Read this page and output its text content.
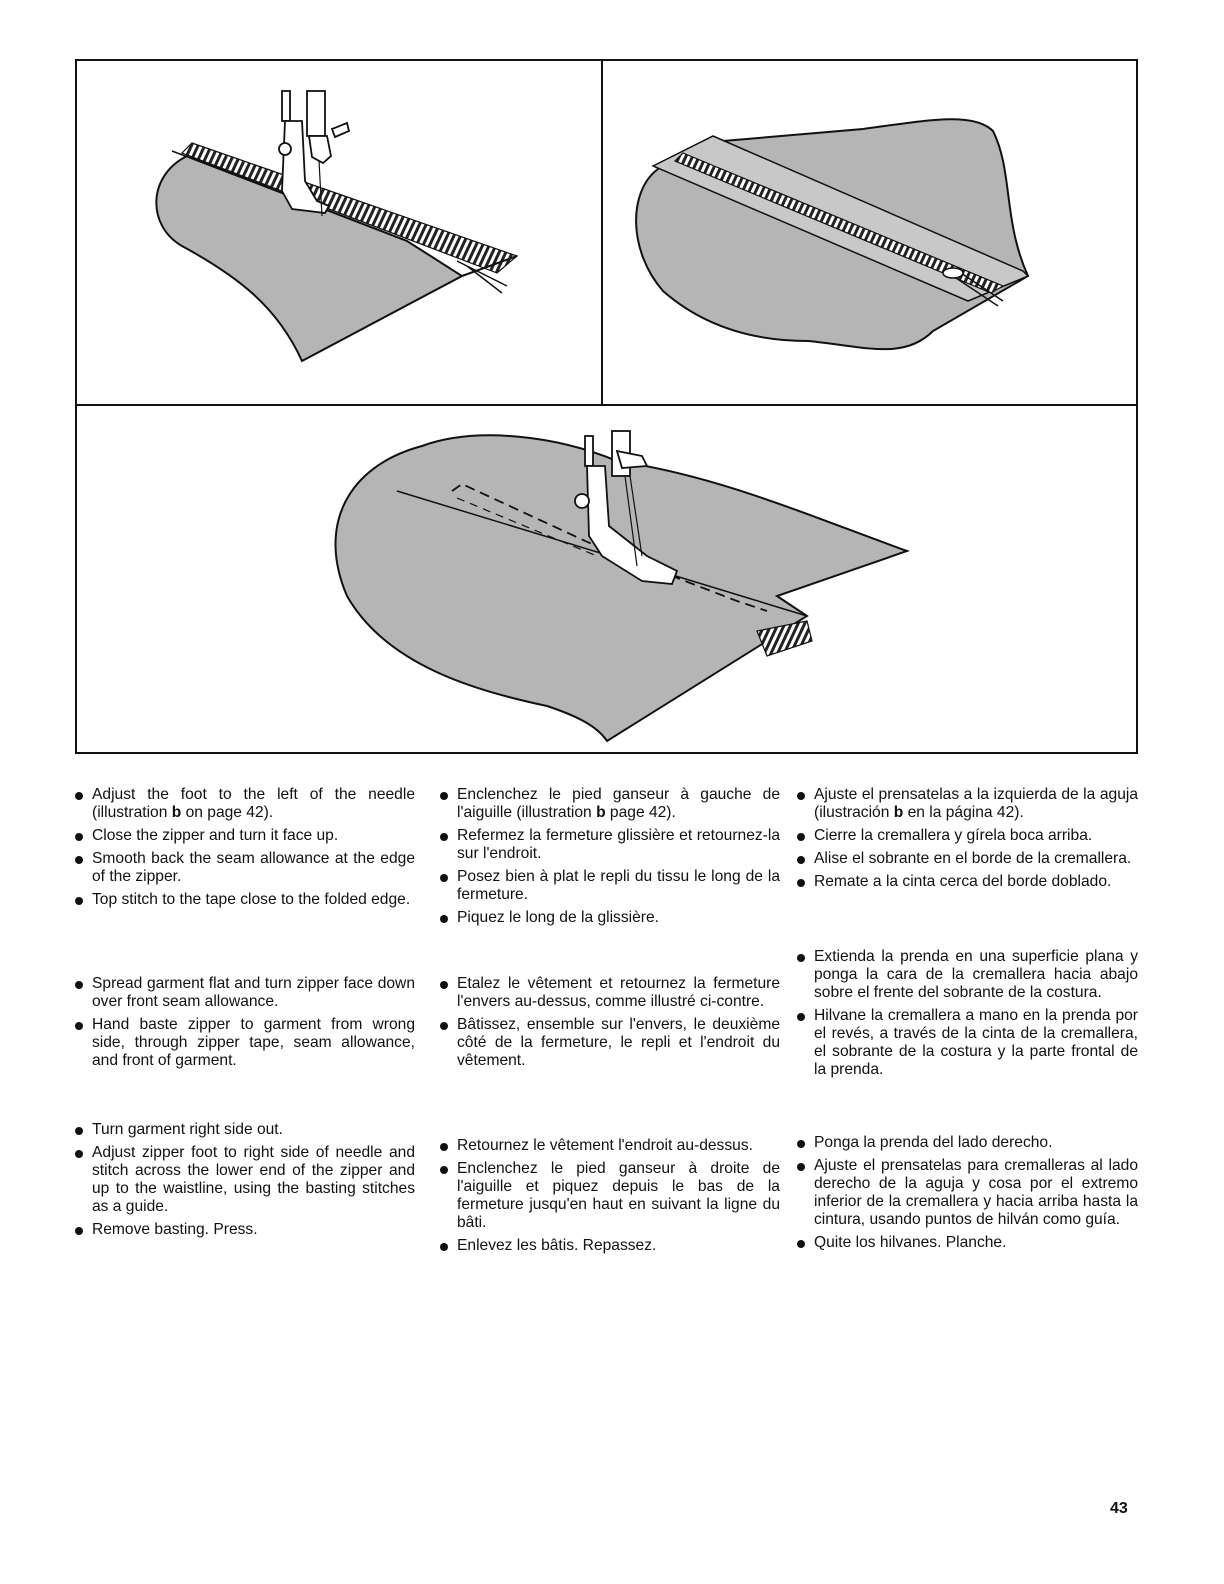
Adjust the foot to the left of the needle (illustration b on page 42).
Close the zipper and turn it face up.
Smooth back the seam allowance at the edge of the zipper.
Top stitch to the tape close to the folded edge.
Spread garment flat and turn zipper face down over front seam allowance.
Hand baste zipper to garment from wrong side, through zipper tape, seam allowance, and front of garment.
Turn garment right side out.
Adjust zipper foot to right side of needle and stitch across the lower end of the zipper and up to the waistline, using the basting stitches as a guide.
Remove basting. Press.
Enclenchez le pied ganseur à gauche de l'aiguille (illustration b page 42).
Refermez la fermeture glissière et retournez-la sur l'endroit.
Posez bien à plat le repli du tissu le long de la fermeture.
Piquez le long de la glissière.
Etalez le vêtement et retournez la fermeture l'envers au-dessus, comme illustré ci-contre.
Bâtissez, ensemble sur l'envers, le deuxième côté de la fermeture, le repli et l'endroit du vêtement.
Retournez le vêtement l'endroit au-dessus.
Enclenchez le pied ganseur à droite de l'aiguille et piquez depuis le bas de la fermeture jusqu'en haut en suivant la ligne du bâti.
Enlevez les bâtis. Repassez.
Ajuste el prensatelas a la izquierda de la aguja (ilustración b en la página 42).
Cierre la cremallera y gírela boca arriba.
Alise el sobrante en el borde de la cremallera.
Remate a la cinta cerca del borde doblado.
Extienda la prenda en una superficie plana y ponga la cara de la cremallera hacia abajo sobre el frente del sobrante de la costura.
Hilvane la cremallera a mano en la prenda por el revés, a través de la cinta de la cremallera, el sobrante de la costura y la parte frontal de la prenda.
Ponga la prenda del lado derecho.
Ajuste el prensatelas para cremalleras al lado derecho de la aguja y cosa por el extremo inferior de la cremallera y hacia arriba hasta la cintura, usando puntos de hilván como guía.
Quite los hilvanes. Planche.
43
